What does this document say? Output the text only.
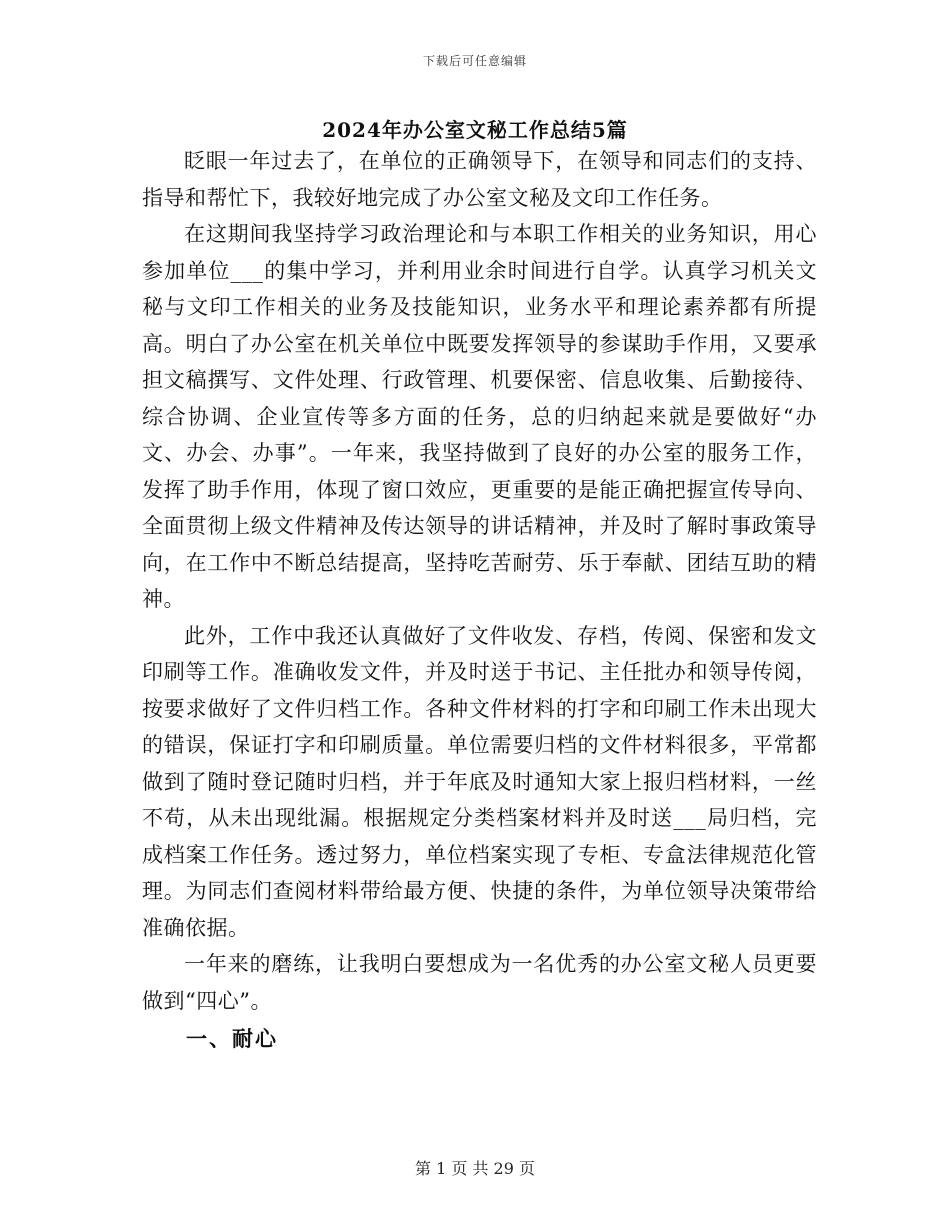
下载后可任意编辑
2024年办公室文秘工作总结5篇

眨眼一年过去了，在单位的正确领导下，在领导和同志们的支持、指导和帮忙下，我较好地完成了办公室文秘及文印工作任务。

在这期间我坚持学习政治理论和与本职工作相关的业务知识，用心参加单位___的集中学习，并利用业余时间进行自学。认真学习机关文秘与文印工作相关的业务及技能知识，业务水平和理论素养都有所提高。明白了办公室在机关单位中既要发挥领导的参谋助手作用，又要承担文稿撰写、文件处理、行政管理、机要保密、信息收集、后勤接待、综合协调、企业宣传等多方面的任务，总的归纳起来就是要做好“办文、办会、办事”。一年来，我坚持做到了良好的办公室的服务工作，发挥了助手作用，体现了窗口效应，更重要的是能正确把握宣传导向、全面贯彻上级文件精神及传达领导的讲话精神，并及时了解时事政策导向，在工作中不断总结提高，坚持吃苦耐劳、乐于奉献、团结互助的精神。

此外，工作中我还认真做好了文件收发、存档，传阅、保密和发文印刷等工作。准确收发文件，并及时送于书记、主任批办和领导传阅，按要求做好了文件归档工作。各种文件材料的打字和印刷工作未出现大的错误，保证打字和印刷质量。单位需要归档的文件材料很多，平常都做到了随时登记随时归档，并于年底及时通知大家上报归档材料，一丝不苟，从未出现纰漏。根据规定分类档案材料并及时送___局归档，完成档案工作任务。透过努力，单位档案实现了专柜、专盒法律规范化管理。为同志们查阅材料带给最方便、快捷的条件，为单位领导决策带给准确依据。

一年来的磨练，让我明白要想成为一名优秀的办公室文秘人员更要做到“四心”。

一、耐心

第 1 页 共 29 页
